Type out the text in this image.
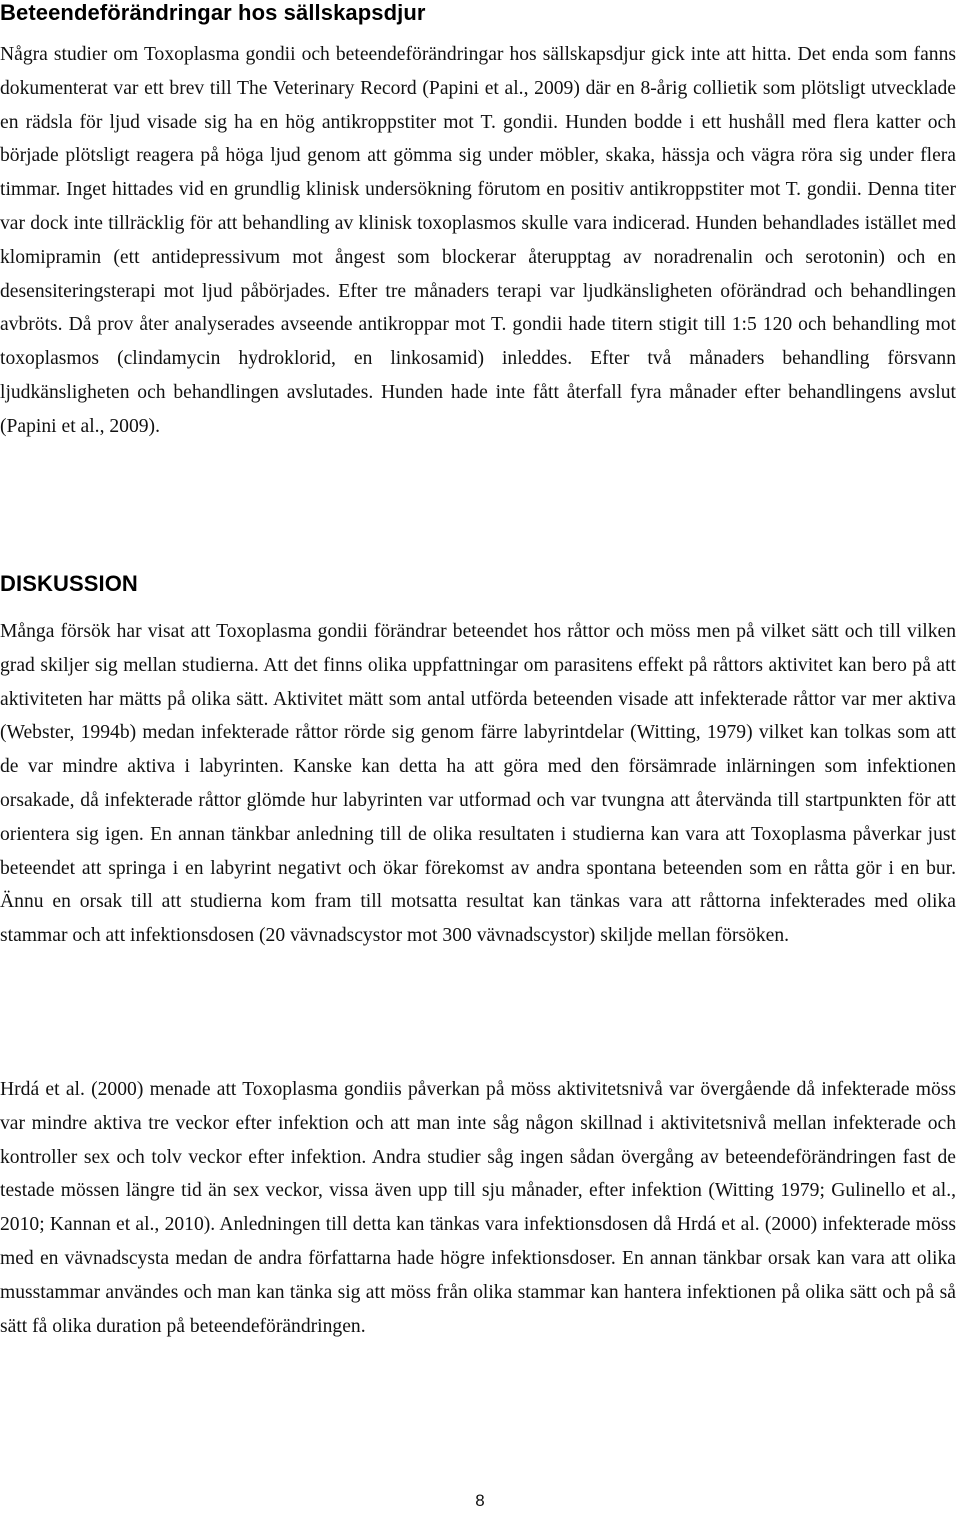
Beteendeförändringar hos sällskapsdjur

Några studier om Toxoplasma gondii och beteendeförändringar hos sällskapsdjur gick inte att hitta. Det enda som fanns dokumenterat var ett brev till The Veterinary Record (Papini et al., 2009) där en 8-årig collietik som plötsligt utvecklade en rädsla för ljud visade sig ha en hög antikroppstiter mot T. gondii. Hunden bodde i ett hushåll med flera katter och började plötsligt reagera på höga ljud genom att gömma sig under möbler, skaka, hässja och vägra röra sig under flera timmar. Inget hittades vid en grundlig klinisk undersökning förutom en positiv antikroppstiter mot T. gondii. Denna titer var dock inte tillräcklig för att behandling av klinisk toxoplasmos skulle vara indicerad. Hunden behandlades istället med klomipramin (ett antidepressivum mot ångest som blockerar återupptag av noradrenalin och serotonin) och en desensiteringsterapi mot ljud påbörjades. Efter tre månaders terapi var ljudkänsligheten oförändrad och behandlingen avbröts. Då prov åter analyserades avseende antikroppar mot T. gondii hade titern stigit till 1:5 120 och behandling mot toxoplasmos (clindamycin hydroklorid, en linkosamid) inleddes. Efter två månaders behandling försvann ljudkänsligheten och behandlingen avslutades. Hunden hade inte fått återfall fyra månader efter behandlingens avslut (Papini et al., 2009).

DISKUSSION

Många försök har visat att Toxoplasma gondii förändrar beteendet hos råttor och möss men på vilket sätt och till vilken grad skiljer sig mellan studierna. Att det finns olika uppfattningar om parasitens effekt på råttors aktivitet kan bero på att aktiviteten har mätts på olika sätt. Aktivitet mätt som antal utförda beteenden visade att infekterade råttor var mer aktiva (Webster, 1994b) medan infekterade råttor rörde sig genom färre labyrintdelar (Witting, 1979) vilket kan tolkas som att de var mindre aktiva i labyrinten. Kanske kan detta ha att göra med den försämrade inlärningen som infektionen orsakade, då infekterade råttor glömde hur labyrinten var utformad och var tvungna att återvända till startpunkten för att orientera sig igen. En annan tänkbar anledning till de olika resultaten i studierna kan vara att Toxoplasma påverkar just beteendet att springa i en labyrint negativt och ökar förekomst av andra spontana beteenden som en råtta gör i en bur. Ännu en orsak till att studierna kom fram till motsatta resultat kan tänkas vara att råttorna infekterades med olika stammar och att infektionsdosen (20 vävnadscystor mot 300 vävnadscystor) skiljde mellan försöken.

Hrdá et al. (2000) menade att Toxoplasma gondiis påverkan på möss aktivitetsnivå var övergående då infekterade möss var mindre aktiva tre veckor efter infektion och att man inte såg någon skillnad i aktivitetsnivå mellan infekterade och kontroller sex och tolv veckor efter infektion. Andra studier såg ingen sådan övergång av beteendeförändringen fast de testade mössen längre tid än sex veckor, vissa även upp till sju månader, efter infektion (Witting 1979; Gulinello et al., 2010; Kannan et al., 2010). Anledningen till detta kan tänkas vara infektionsdosen då Hrdá et al. (2000) infekterade möss med en vävnadscysta medan de andra författarna hade högre infektionsdoser. En annan tänkbar orsak kan vara att olika musstammar användes och man kan tänka sig att möss från olika stammar kan hantera infektionen på olika sätt och på så sätt få olika duration på beteendeförändringen.

8
